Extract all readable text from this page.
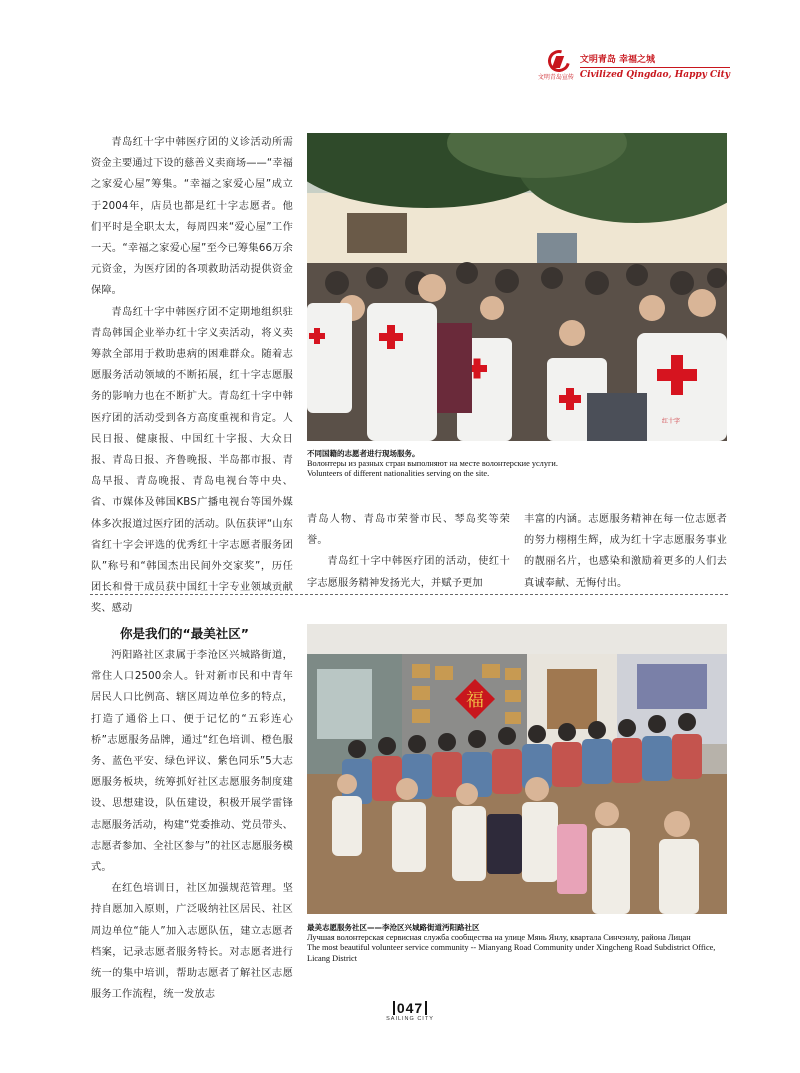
文明青岛宣传
文明青岛 幸福之城
Civilized Qingdao, Happy City

青岛红十字中韩医疗团的义诊活动所需资金主要通过下设的慈善义卖商场——“幸福之家爱心屋”筹集。“幸福之家爱心屋”成立于2004年，店员也都是红十字志愿者。他们平时是全职太太，每周四来“爱心屋”工作一天。“幸福之家爱心屋”至今已筹集66万余元资金，为医疗团的各项救助活动提供资金保障。

青岛红十字中韩医疗团不定期地组织驻青岛韩国企业举办红十字义卖活动，将义卖筹款全部用于救助患病的困难群众。随着志愿服务活动领域的不断拓展，红十字志愿服务的影响力也在不断扩大。青岛红十字中韩医疗团的活动受到各方高度重视和肯定。人民日报、健康报、中国红十字报、大众日报、青岛日报、齐鲁晚报、半岛都市报、青岛早报、青岛晚报、青岛电视台等中央、省、市媒体及韩国KBS广播电视台等国外媒体多次报道过医疗团的活动。队伍获评“山东省红十字会评选的优秀红十字志愿者服务团队”称号和“韩国杰出民间外交家奖”，历任团长和骨干成员获中国红十字专业领域贡献奖、感动

红十字
不同国籍的志愿者进行现场服务。
Волонтеры из разных стран выполняют на месте волонтерские услуги.
Volunteers of different nationalities serving on the site.

青岛人物、青岛市荣誉市民、琴岛奖等荣誉。

青岛红十字中韩医疗团的活动，使红十字志愿服务精神发扬光大，并赋予更加

丰富的内涵。志愿服务精神在每一位志愿者的努力栩栩生辉，成为红十字志愿服务事业的靓丽名片，也感染和激励着更多的人们去真诚奉献、无悔付出。

你是我们的“最美社区”

沔阳路社区隶属于李沧区兴城路街道，常住人口2500余人。针对新市民和中青年居民人口比例高、辖区周边单位多的特点，打造了通俗上口、便于记忆的“五彩连心桥”志愿服务品牌，通过“红色培训、橙色服务、蓝色平安、绿色评议、紫色同乐”5大志愿服务板块，统筹抓好社区志愿服务制度建设、思想建设，队伍建设，积极开展学雷锋志愿服务活动，构建“党委推动、党员带头、志愿者参加、全社区参与”的社区志愿服务模式。

在红色培训日，社区加强规范管理。坚持自愿加入原则，广泛吸纳社区居民、社区周边单位“能人”加入志愿队伍，建立志愿者档案，记录志愿者服务特长。对志愿者进行统一的集中培训，帮助志愿者了解社区志愿服务工作流程，统一发放志

福
最美志愿服务社区——李沧区兴城路街道沔阳路社区
Лучшая волонтерская сервисная служба сообщества на улице Мянь Янлу, квартала Синчэнлу, района Лицан
The most beautiful volunteer service community -- Mianyang Road Community under Xingcheng Road Subdistrict Office, Licang District
047
SAILING CITY
